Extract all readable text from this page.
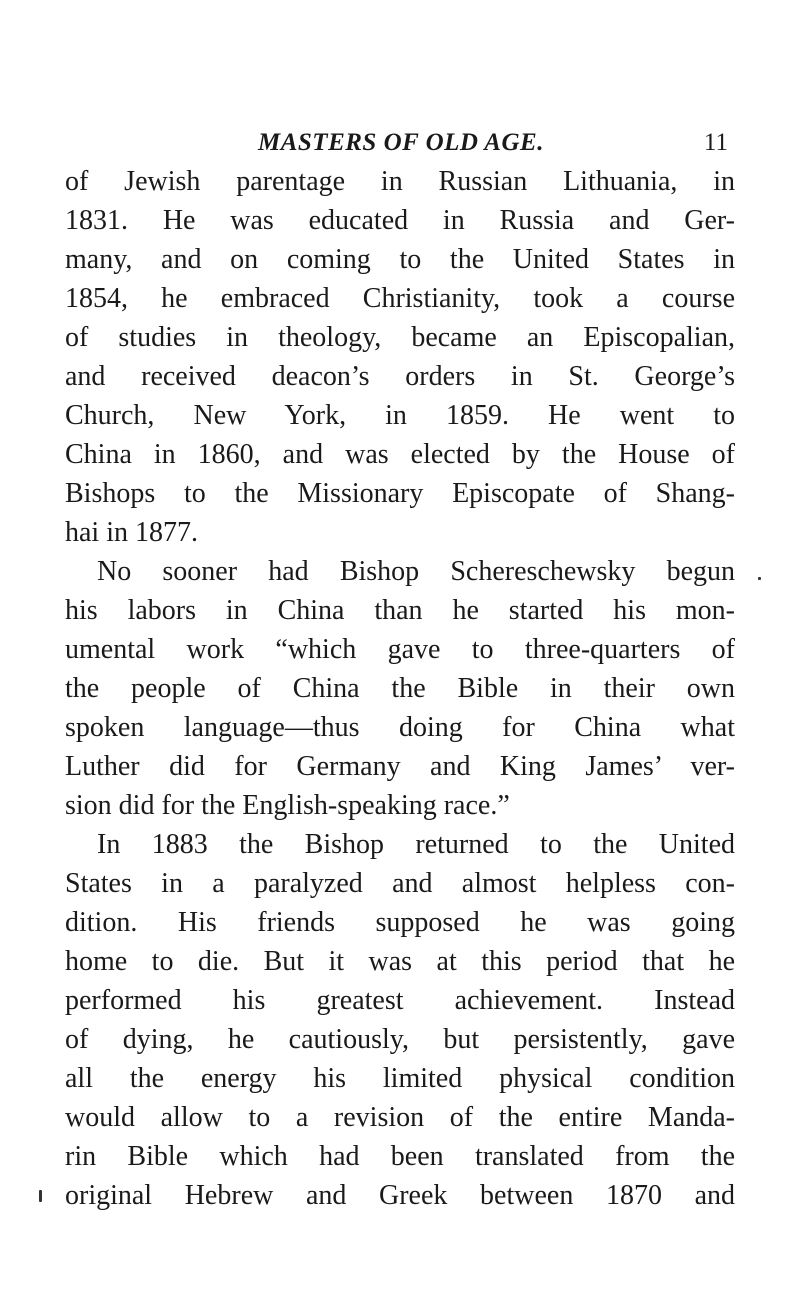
MASTERS OF OLD AGE.	11
of Jewish parentage in Russian Lithuania, in
1831. He was educated in Russia and Ger-
many, and on coming to the United States in
1854, he embraced Christianity, took a course
of studies in theology, became an Episcopalian,
and received deacon’s orders in St. George’s
Church, New York, in 1859. He went to
China in 1860, and was elected by the House of
Bishops to the Missionary Episcopate of Shang-
hai in 1877.
No sooner had Bishop Schereschewsky begun
his labors in China than he started his mon-
umental work “which gave to three-quarters of
the people of China the Bible in their own
spoken language—thus doing for China what
Luther did for Germany and King James’ ver-
sion did for the English-speaking race.”
In 1883 the Bishop returned to the United
States in a paralyzed and almost helpless con-
dition. His friends supposed he was going
home to die. But it was at this period that he
performed his greatest achievement. Instead
of dying, he cautiously, but persistently, gave
all the energy his limited physical condition
would allow to a revision of the entire Manda-
rin Bible which had been translated from the
original Hebrew and Greek between 1870 and
